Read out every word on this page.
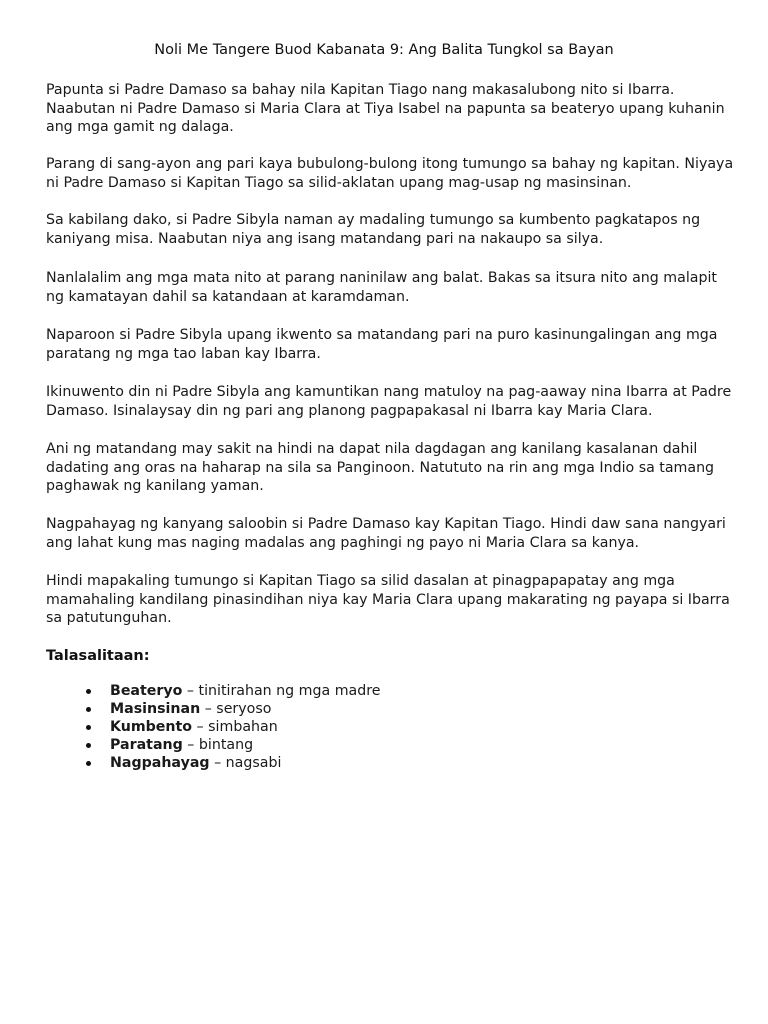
Noli Me Tangere Buod Kabanata 9: Ang Balita Tungkol sa Bayan

Papunta si Padre Damaso sa bahay nila Kapitan Tiago nang makasalubong nito si Ibarra. Naabutan ni Padre Damaso si Maria Clara at Tiya Isabel na papunta sa beateryo upang kuhanin ang mga gamit ng dalaga.

Parang di sang-ayon ang pari kaya bubulong-bulong itong tumungo sa bahay ng kapitan. Niyaya ni Padre Damaso si Kapitan Tiago sa silid-aklatan upang mag-usap ng masinsinan.

Sa kabilang dako, si Padre Sibyla naman ay madaling tumungo sa kumbento pagkatapos ng kaniyang misa. Naabutan niya ang isang matandang pari na nakaupo sa silya.

Nanlalalim ang mga mata nito at parang naninilaw ang balat. Bakas sa itsura nito ang malapit ng kamatayan dahil sa katandaan at karamdaman.

Naparoon si Padre Sibyla upang ikwento sa matandang pari na puro kasinungalingan ang mga paratang ng mga tao laban kay Ibarra.

Ikinuwento din ni Padre Sibyla ang kamuntikan nang matuloy na pag-aaway nina Ibarra at Padre Damaso. Isinalaysay din ng pari ang planong pagpapakasal ni Ibarra kay Maria Clara.

Ani ng matandang may sakit na hindi na dapat nila dagdagan ang kanilang kasalanan dahil dadating ang oras na haharap na sila sa Panginoon. Natututo na rin ang mga Indio sa tamang paghawak ng kanilang yaman.

Nagpahayag ng kanyang saloobin si Padre Damaso kay Kapitan Tiago. Hindi daw sana nangyari ang lahat kung mas naging madalas ang paghingi ng payo ni Maria Clara sa kanya.

Hindi mapakaling tumungo si Kapitan Tiago sa silid dasalan at pinagpapapatay ang mga mamahaling kandilang pinasindihan niya kay Maria Clara upang makarating ng payapa si Ibarra sa patutunguhan.

Talasalitaan:
Beateryo – tinitirahan ng mga madre
Masinsinan – seryoso
Kumbento – simbahan
Paratang – bintang
Nagpahayag – nagsabi
